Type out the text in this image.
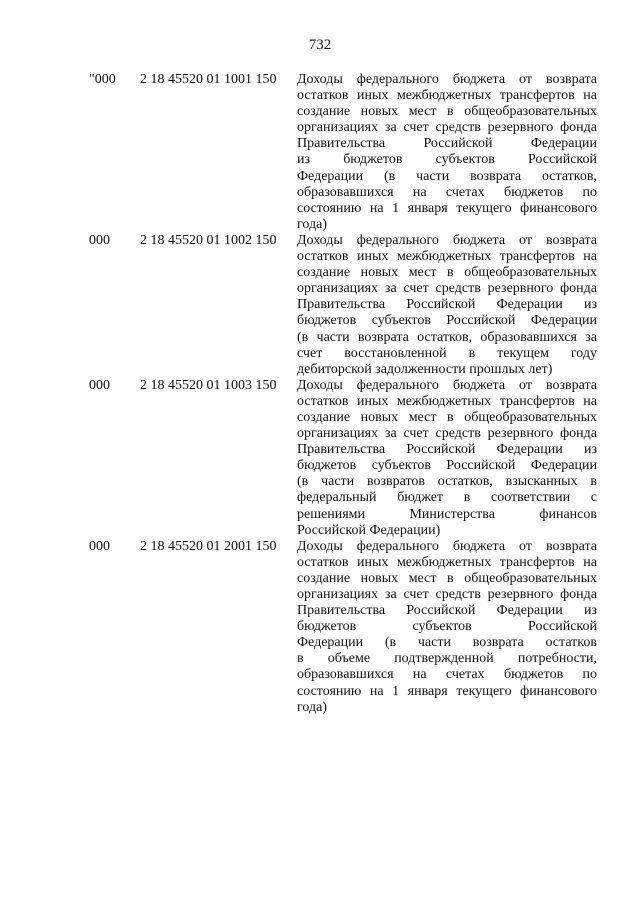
732
"000 2 18 45520 01 1001 150 Доходы федерального бюджета от возврата
остатков иных межбюджетных трансфертов на
создание новых мест в общеобразовательных
организациях за счет средств резервного фонда
Правительства Российской Федерации
из бюджетов субъектов Российской
Федерации (в части возврата остатков,
образовавшихся на счетах бюджетов по
состоянию на 1 января текущего финансового
года)
000 2 18 45520 01 1002 150 Доходы федерального бюджета от возврата
остатков иных межбюджетных трансфертов на
создание новых мест в общеобразовательных
организациях за счет средств резервного фонда
Правительства Российской Федерации из
бюджетов субъектов Российской Федерации
(в части возврата остатков, образовавшихся за
счет восстановленной в текущем году
дебиторской задолженности прошлых лет)
000 2 18 45520 01 1003 150 Доходы федерального бюджета от возврата
остатков иных межбюджетных трансфертов на
создание новых мест в общеобразовательных
организациях за счет средств резервного фонда
Правительства Российской Федерации из
бюджетов субъектов Российской Федерации
(в части возвратов остатков, взысканных в
федеральный бюджет в соответствии с
решениями Министерства финансов
Российской Федерации)
000 2 18 45520 01 2001 150 Доходы федерального бюджета от возврата
остатков иных межбюджетных трансфертов на
создание новых мест в общеобразовательных
организациях за счет средств резервного фонда
Правительства Российской Федерации из
бюджетов субъектов Российской
Федерации (в части возврата остатков
в объеме подтвержденной потребности,
образовавшихся на счетах бюджетов по
состоянию на 1 января текущего финансового
года)
